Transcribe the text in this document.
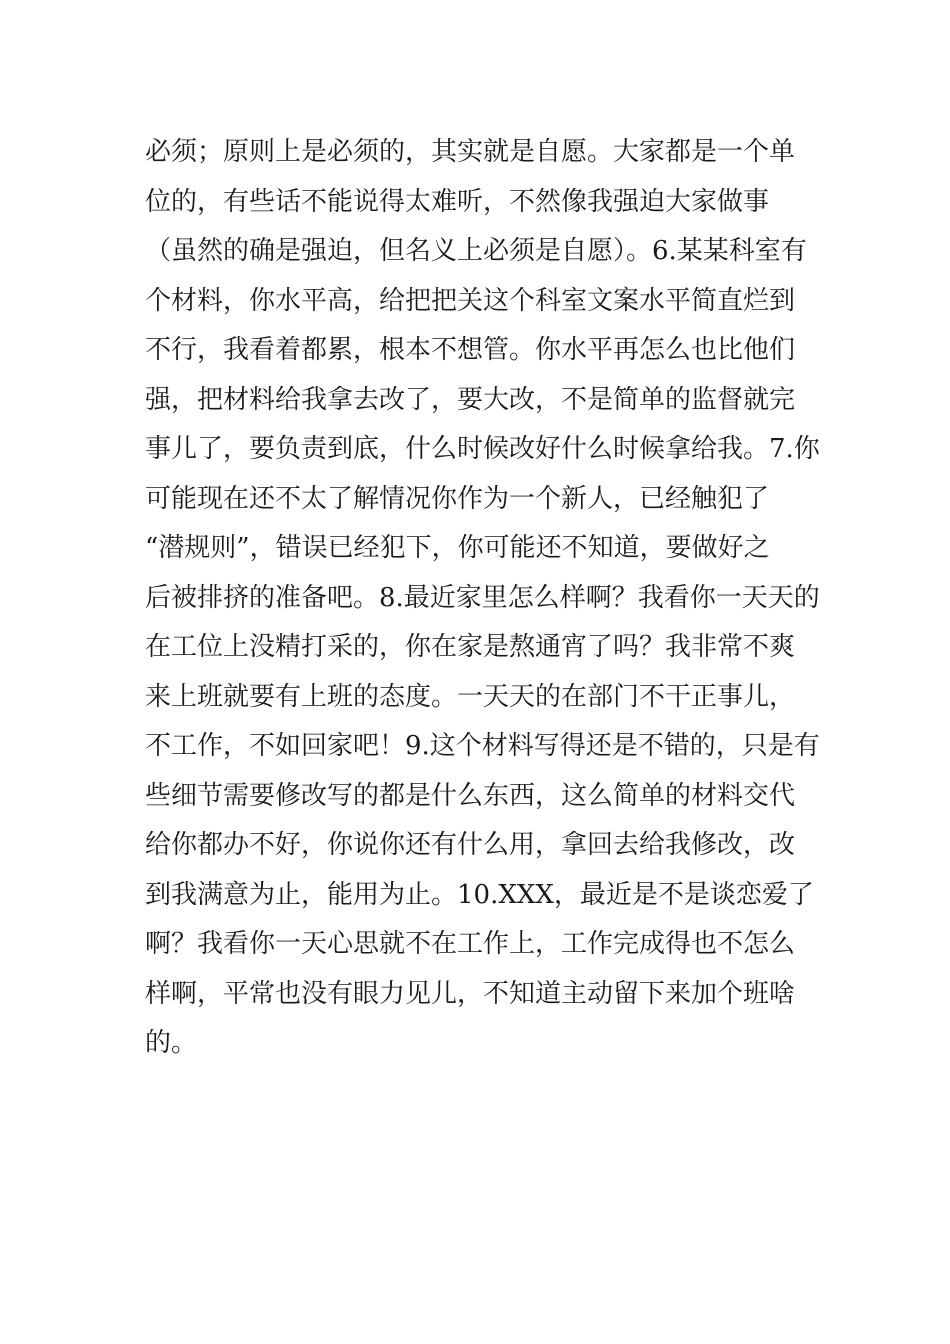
必须；原则上是必须的，其实就是自愿。大家都是一个单
位的，有些话不能说得太难听，不然像我强迫大家做事
（虽然的确是强迫，但名义上必须是自愿）。6.某某科室有
个材料，你水平高，给把把关这个科室文案水平简直烂到
不行，我看着都累，根本不想管。你水平再怎么也比他们
强，把材料给我拿去改了，要大改，不是简单的监督就完
事儿了，要负责到底，什么时候改好什么时候拿给我。7.你
可能现在还不太了解情况你作为一个新人，已经触犯了
“潜规则”，错误已经犯下，你可能还不知道，要做好之
后被排挤的准备吧。8.最近家里怎么样啊？我看你一天天的
在工位上没精打采的，你在家是熬通宵了吗？我非常不爽
来上班就要有上班的态度。一天天的在部门不干正事儿，
不工作，不如回家吧！9.这个材料写得还是不错的，只是有
些细节需要修改写的都是什么东西，这么简单的材料交代
给你都办不好，你说你还有什么用，拿回去给我修改，改
到我满意为止，能用为止。10.XXX，最近是不是谈恋爱了
啊？我看你一天心思就不在工作上，工作完成得也不怎么
样啊，平常也没有眼力见儿，不知道主动留下来加个班啥
的。
